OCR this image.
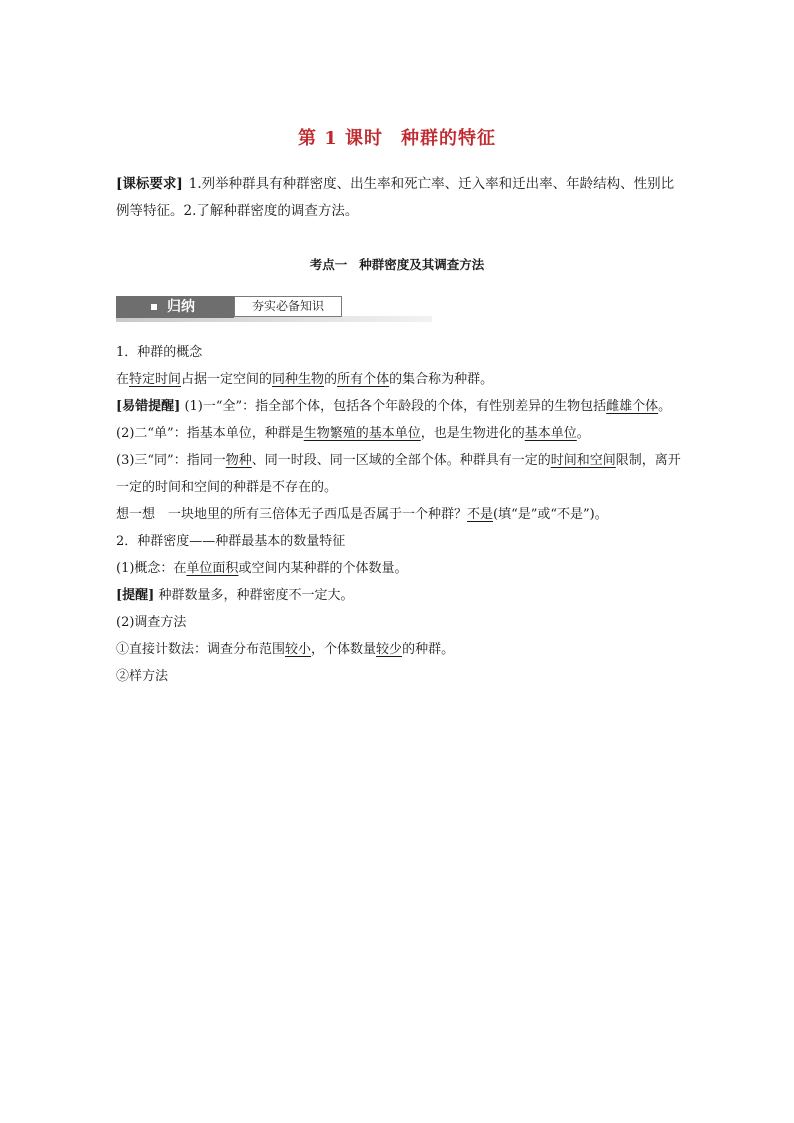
第 1 课时 种群的特征
[课标要求] 1.列举种群具有种群密度、出生率和死亡率、迁入率和迁出率、年龄结构、性别比例等特征。2.了解种群密度的调查方法。
考点一 种群密度及其调查方法
归纳	夯实必备知识

1．种群的概念

在特定时间占据一定空间的同种生物的所有个体的集合称为种群。

[易错提醒] (1)一“全”：指全部个体，包括各个年龄段的个体，有性别差异的生物包括雌雄个体。

(2)二“单”：指基本单位，种群是生物繁殖的基本单位，也是生物进化的基本单位。

(3)三“同”：指同一物种、同一时段、同一区域的全部个体。种群具有一定的时间和空间限制，离开一定的时间和空间的种群是不存在的。

想一想　一块地里的所有三倍体无子西瓜是否属于一个种群？不是(填“是”或“不是”)。

2．种群密度——种群最基本的数量特征

(1)概念：在单位面积或空间内某种群的个体数量。

[提醒] 种群数量多，种群密度不一定大。

(2)调查方法

①直接计数法：调查分布范围较小，个体数量较少的种群。

②样方法
